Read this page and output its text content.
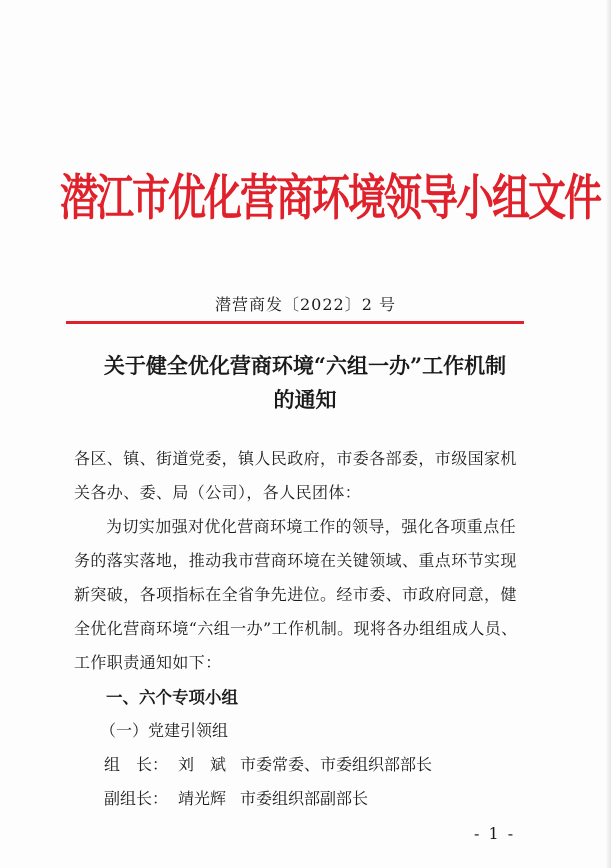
潜江市优化营商环境领导小组文件
潜营商发〔2022〕2 号
关于健全优化营商环境“六组一办”工作机制
的通知
各区、镇、街道党委，镇人民政府，市委各部委，市级国家机
关各办、委、局（公司），各人民团体：
为切实加强对优化营商环境工作的领导，强化各项重点任
务的落实落地，推动我市营商环境在关键领域、重点环节实现
新突破，各项指标在全省争先进位。经市委、市政府同意，健
全优化营商环境“六组一办”工作机制。现将各办组组成人员、
工作职责通知如下：
一、六个专项小组
（一）党建引领组
组　长： 刘　斌 市委常委、市委组织部部长
副组长： 靖光辉 市委组织部副部长
- 1 -
